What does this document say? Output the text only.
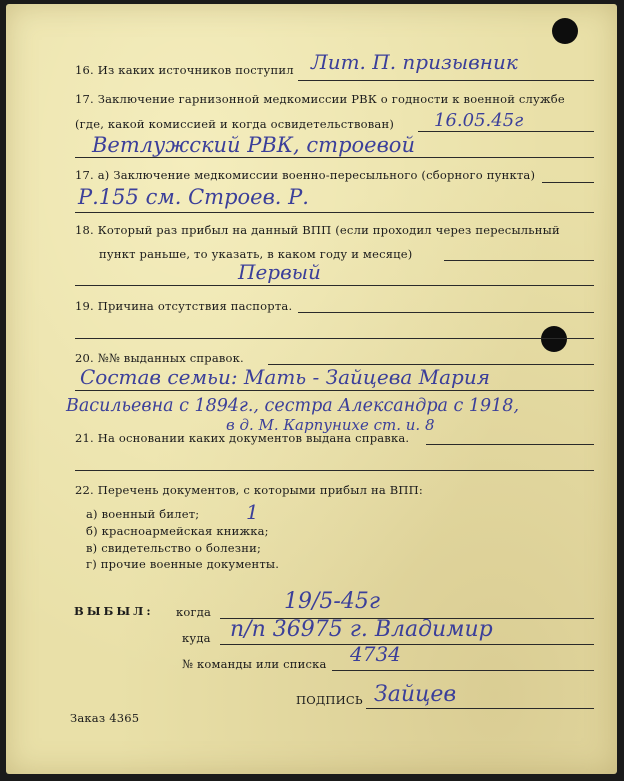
16. Из каких источников поступил Лит. П. призывник
17. Заключение гарнизонной медкомиссии РВК о годности к военной службе
(где, какой комиссией и когда освидетельствован) 16.05.45г
Ветлужский РВК, строевой
17. а) Заключение медкомиссии военно-пересыльного (сборного пункта)
Р.155 см. Строев. Р.
18. Который раз прибыл на данный ВПП (если проходил через пересыльный
пункт раньше, то указать, в каком году и месяце)
Первый
19. Причина отсутствия паспорта.
20. №№ выданных справок.
Состав семьи: Мать - Зайцева Мария
Васильевна с 1894г., сестра Александра с 1918,
в д. М. Карпунихе ст. и. 8
21. На основании каких документов выдана справка.
22. Перечень документов, с которыми прибыл на ВПП:
1
а) военный билет;
б) красноармейская книжка;
в) свидетельство о болезни;
г) прочие военные документы.
ВЫБЫЛ: когда	19/5-45г
куда п/п 36975 г. Владимир
№ команды или списка 4734
ПОДПИСЬ Зайцев
Заказ 4365
